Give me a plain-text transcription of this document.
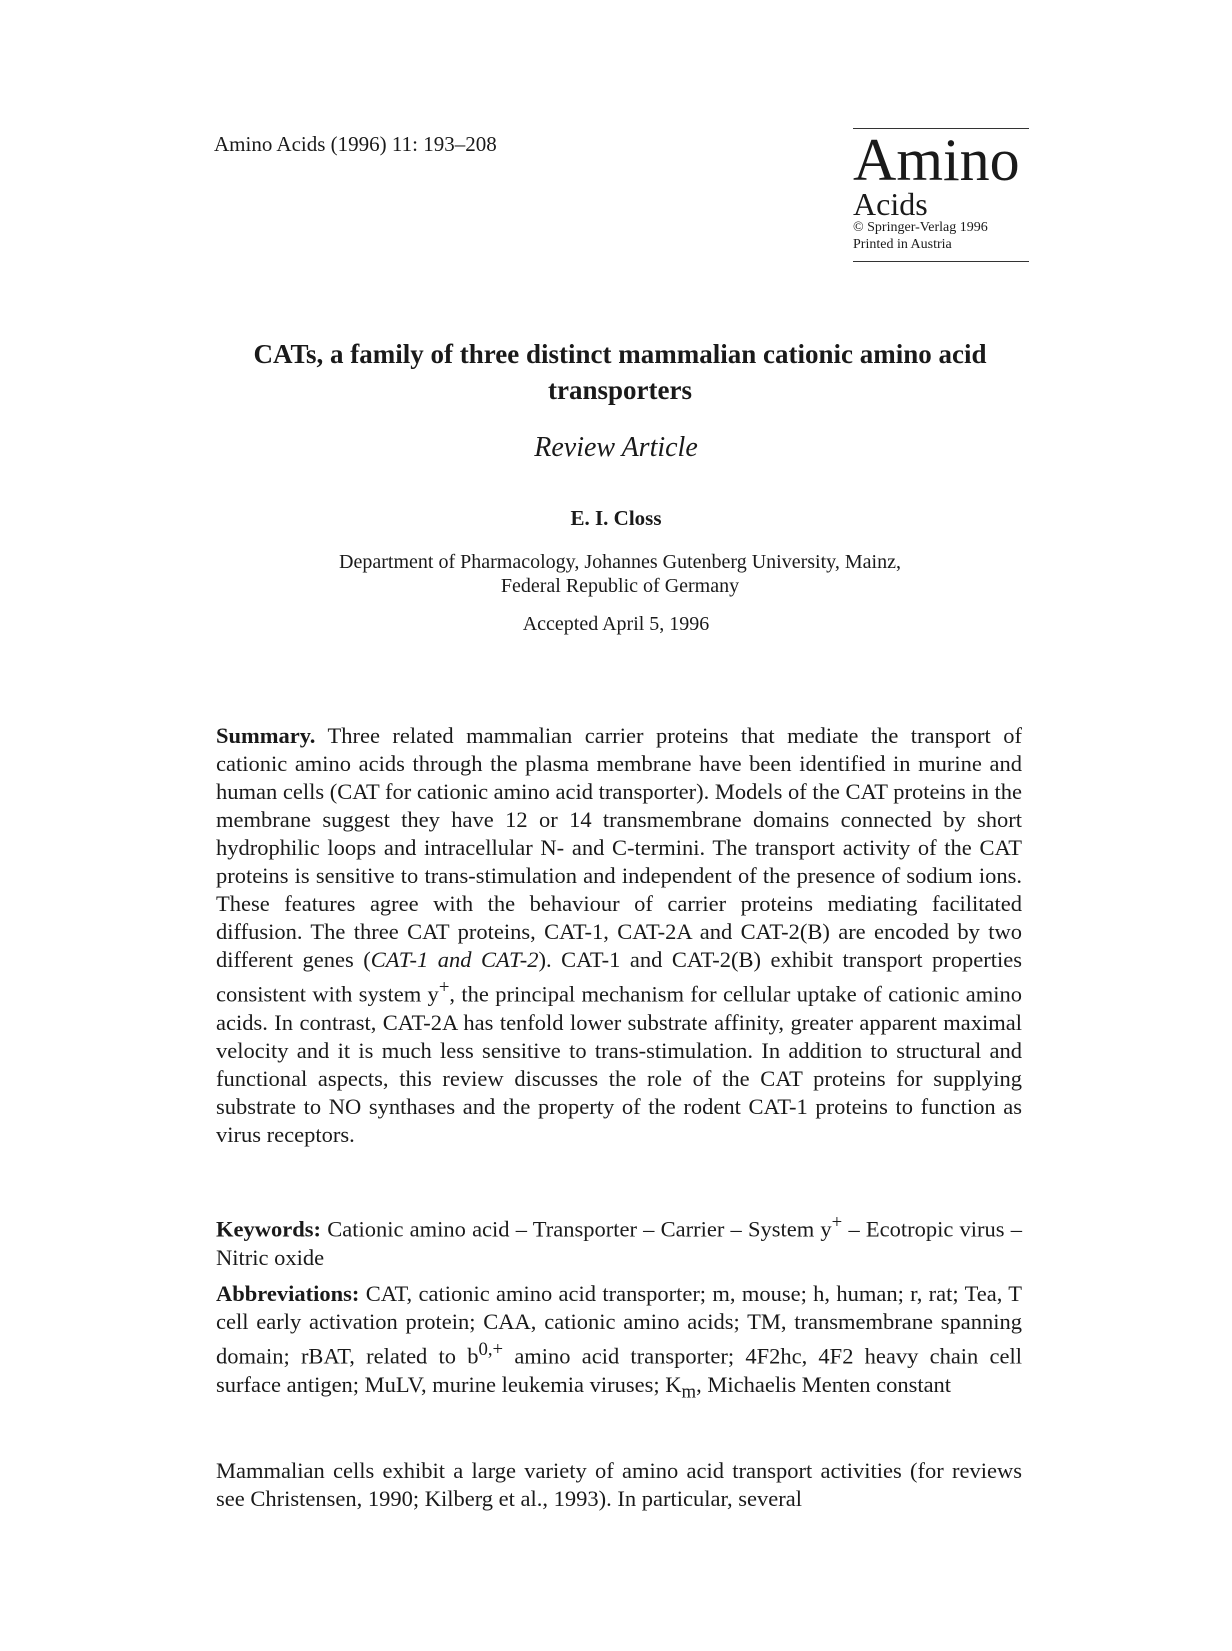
Amino Acids (1996) 11: 193–208	Amino
Acids
© Springer-Verlag 1996
Printed in Austria
CATs, a family of three distinct mammalian cationic amino acid transporters
Review Article
E. I. Closs
Department of Pharmacology, Johannes Gutenberg University, Mainz,
Federal Republic of Germany
Accepted April 5, 1996
Summary. Three related mammalian carrier proteins that mediate the transport of cationic amino acids through the plasma membrane have been identified in murine and human cells (CAT for cationic amino acid transporter). Models of the CAT proteins in the membrane suggest they have 12 or 14 transmembrane domains connected by short hydrophilic loops and intracellular N- and C-termini. The transport activity of the CAT proteins is sensitive to trans-stimulation and independent of the presence of sodium ions. These features agree with the behaviour of carrier proteins mediating facilitated diffusion. The three CAT proteins, CAT-1, CAT-2A and CAT-2(B) are encoded by two different genes (CAT-1 and CAT-2). CAT-1 and CAT-2(B) exhibit transport properties consistent with system y+, the principal mechanism for cellular uptake of cationic amino acids. In contrast, CAT-2A has tenfold lower substrate affinity, greater apparent maximal velocity and it is much less sensitive to trans-stimulation. In addition to structural and functional aspects, this review discusses the role of the CAT proteins for supplying substrate to NO synthases and the property of the rodent CAT-1 proteins to function as virus receptors.
Keywords: Cationic amino acid – Transporter – Carrier – System y+ – Ecotropic virus – Nitric oxide
Abbreviations: CAT, cationic amino acid transporter; m, mouse; h, human; r, rat; Tea, T cell early activation protein; CAA, cationic amino acids; TM, transmembrane spanning domain; rBAT, related to $b^{0,+}$ amino acid transporter; 4F2hc, 4F2 heavy chain cell surface antigen; MuLV, murine leukemia viruses; $K_m$, Michaelis Menten constant
Mammalian cells exhibit a large variety of amino acid transport activities (for reviews see Christensen, 1990; Kilberg et al., 1993). In particular, several
